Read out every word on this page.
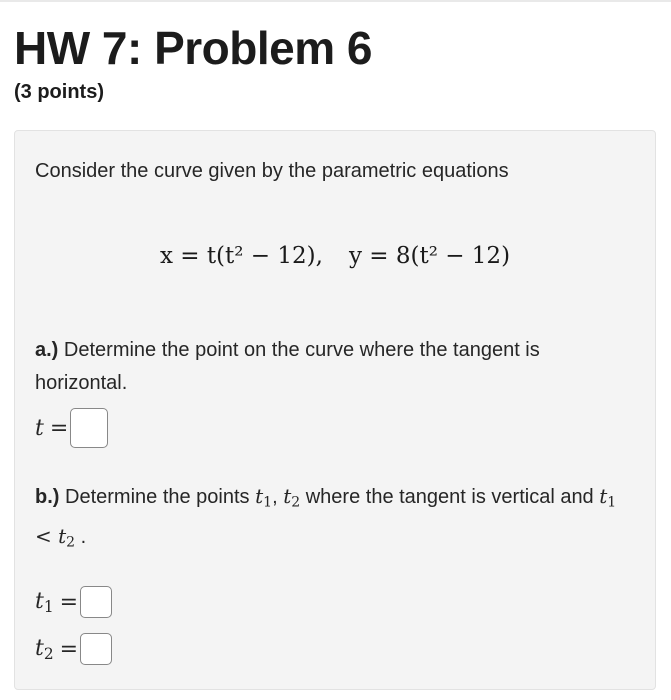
HW 7: Problem 6
(3 points)
Consider the curve given by the parametric equations
x = t(t² − 12), y = 8(t² − 12)
a.) Determine the point on the curve where the tangent is horizontal.
t =
b.) Determine the points $t_1$, $t_2$ where the tangent is vertical and $t_1 < t_2$ .
$t_1$ =
$t_2$ =
